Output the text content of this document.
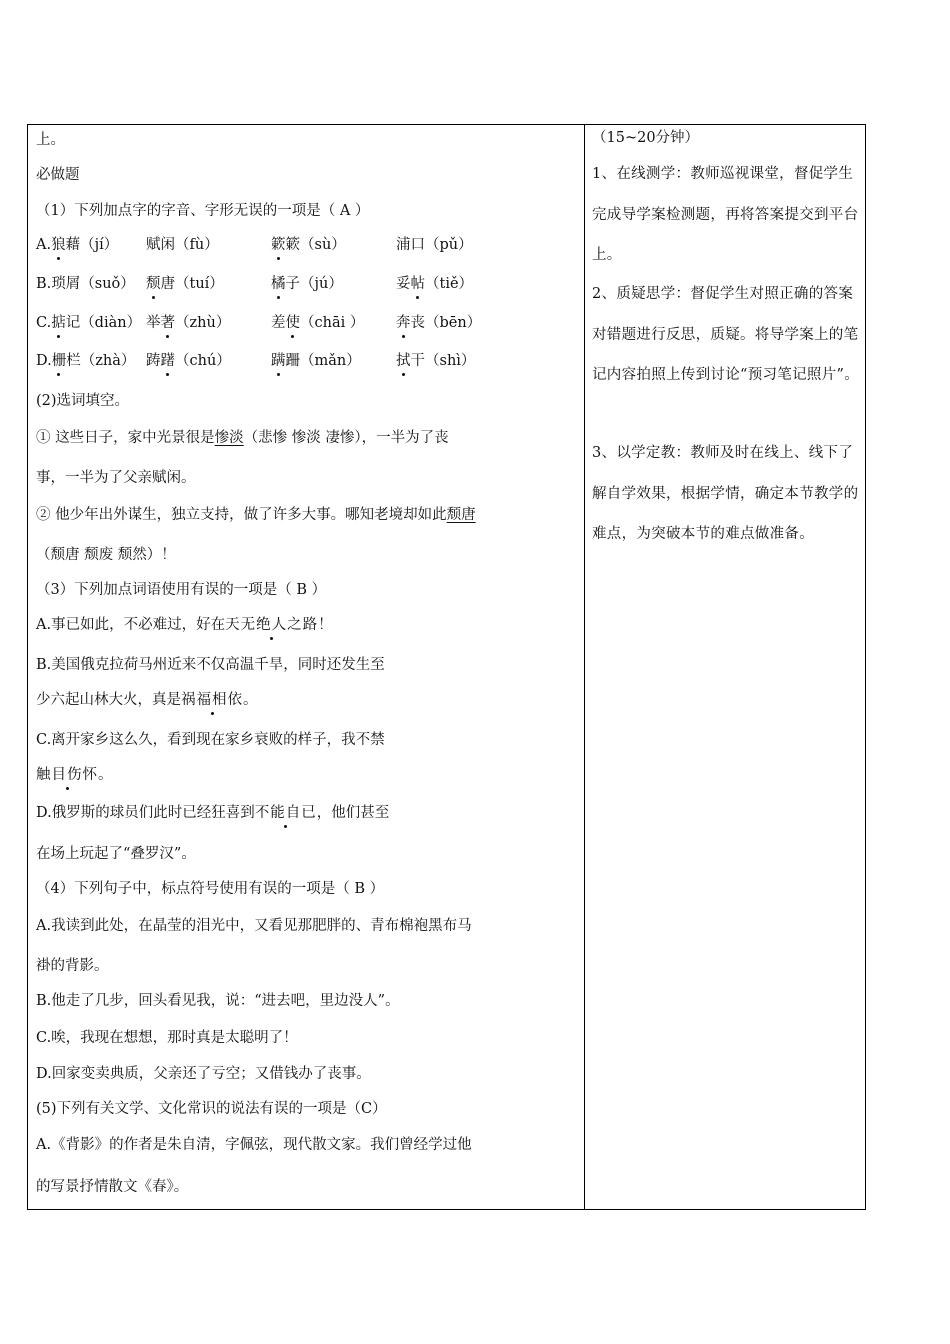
上。
必做题
（1）下列加点字的字音、字形无误的一项是（ A ）
A.狼藉（jí） 赋闲（fù）	簌簌（sù）	浦口（pǔ）
B.琐屑（suǒ） 颓唐（tuí）	橘子（jú）	妥帖（tiě）
C.掂记（diàn） 举著（zhù）	差使（chāi ） 奔丧（bēn）
D.栅栏（zhà） 踌躇（chú）	蹒跚（mǎn） 拭干（shì）
(2)选词填空。
① 这些日子，家中光景很是惨淡（悲惨 惨淡 凄惨），一半为了丧
事，一半为了父亲赋闲。
② 他少年出外谋生，独立支持，做了许多大事。哪知老境却如此颓唐
（颓唐 颓废 颓然）！
（3）下列加点词语使用有误的一项是（ B ）
A.事已如此，不必难过，好在天无绝人之路！
B.美国俄克拉荷马州近来不仅高温千旱，同时还发生至
少六起山林大火，真是祸福相依。
C.离开家乡这么久，看到现在家乡衰败的样子，我不禁
触目伤怀。
D.俄罗斯的球员们此时已经狂喜到不能自已，他们甚至
在场上玩起了“叠罗汉”。
（4）下列句子中，标点符号使用有误的一项是（ B ）
A.我读到此处，在晶莹的泪光中，又看见那肥胖的、青布棉袍黑布马
褂的背影。
B.他走了几步，回头看见我，说：“进去吧，里边没人”。
C.唉，我现在想想，那时真是太聪明了！
D.回家变卖典质，父亲还了亏空；又借钱办了丧事。
(5)下列有关文学、文化常识的说法有误的一项是（C）
A.《背影》的作者是朱自清，字佩弦，现代散文家。我们曾经学过他
的写景抒情散文《春》。
（15~20分钟）
1、在线测学：教师巡视课堂，督促学生完成导学案检测题，再将答案提交到平台上。
2、质疑思学：督促学生对照正确的答案对错题进行反思，质疑。将导学案上的笔记内容拍照上传到讨论“预习笔记照片”。
3、以学定教：教师及时在线上、线下了解自学效果，根据学情，确定本节教学的难点，为突破本节的难点做准备。
